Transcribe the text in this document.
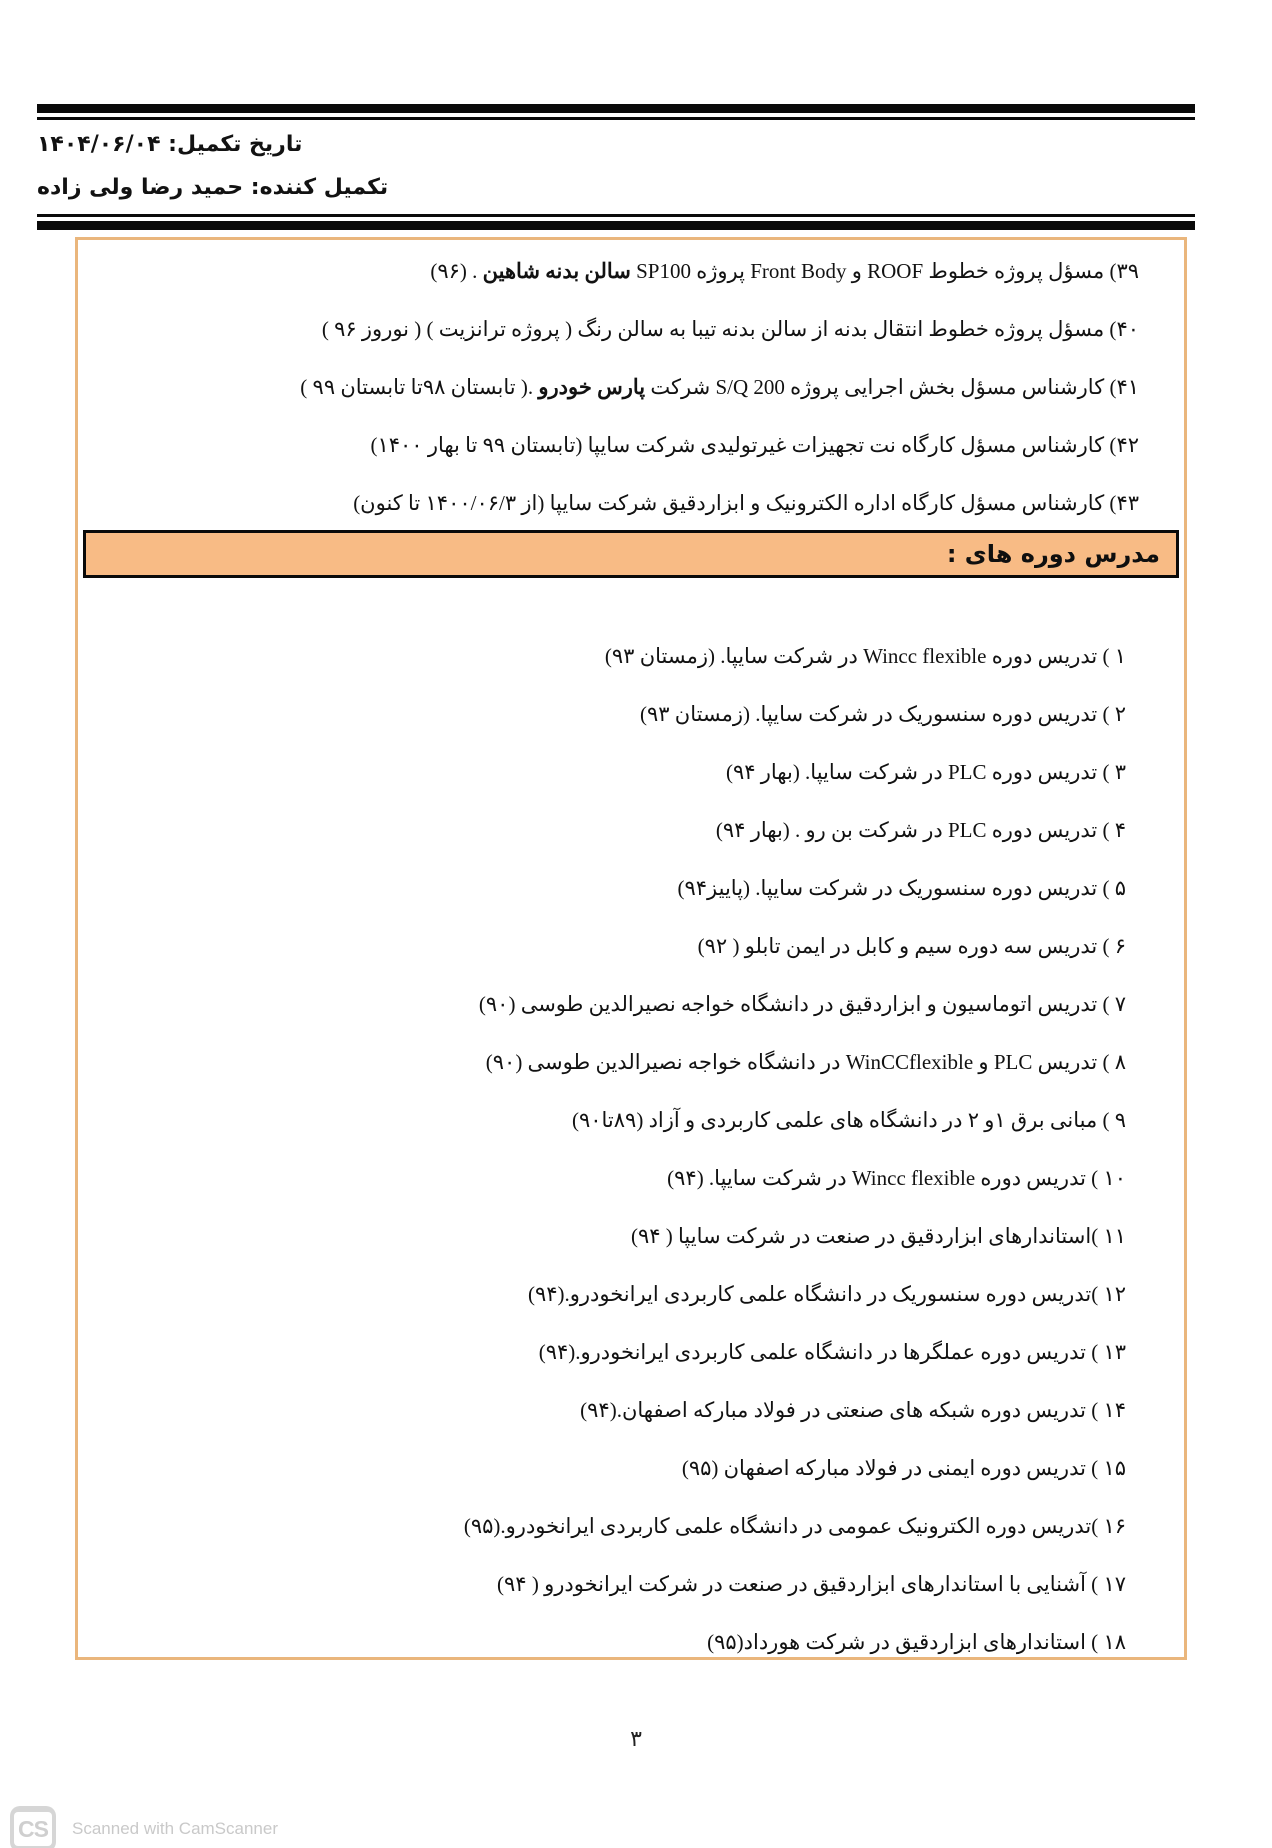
تاریخ تکمیل: ۱۴۰۴/۰۶/۰۴
تکمیل کننده: حمید رضا ولی زاده
۳۹) مسؤل پروژه خطوط ROOF و Front Body پروژه SP100 سالن بدنه شاهین . (۹۶)
۴۰) مسؤل پروژه خطوط انتقال بدنه از سالن بدنه تیبا به سالن رنگ ( پروژه ترانزیت ) ( نوروز ۹۶ )
۴۱) کارشناس مسؤل بخش اجرایی پروژه S/Q 200 شرکت پارس خودرو .( تابستان ۹۸تا تابستان ۹۹ )
۴۲) کارشناس مسؤل کارگاه نت تجهیزات غیرتولیدی شرکت سایپا (تابستان ۹۹ تا بهار ۱۴۰۰)
۴۳) کارشناس مسؤل کارگاه اداره الکترونیک و ابزاردقیق شرکت سایپا (از ۱۴۰۰/۰۶/۳ تا کنون)
مدرس دوره های :
۱ ) تدریس دوره Wincc flexible در شرکت سایپا. (زمستان ۹۳)
۲ ) تدریس دوره سنسوریک در شرکت سایپا. (زمستان ۹۳)
۳ ) تدریس دوره PLC در شرکت سایپا. (بهار ۹۴)
۴ ) تدریس دوره PLC در شرکت بن رو . (بهار ۹۴)
۵ ) تدریس دوره سنسوریک در شرکت سایپا. (پاییز۹۴)
۶ ) تدریس سه دوره سیم و کابل در ایمن تابلو ( ۹۲)
۷ ) تدریس اتوماسیون و ابزاردقیق در دانشگاه خواجه نصیرالدین طوسی (۹۰)
۸ ) تدریس PLC و WinCCflexible در دانشگاه خواجه نصیرالدین طوسی (۹۰)
۹ ) مبانی برق ۱و ۲ در دانشگاه های علمی کاربردی و آزاد (۸۹تا۹۰)
۱۰ ) تدریس دوره Wincc flexible در شرکت سایپا. (۹۴)
۱۱ )استاندارهای ابزاردقیق در صنعت در شرکت سایپا ( ۹۴)
۱۲ )تدریس دوره سنسوریک در دانشگاه علمی کاربردی ایرانخودرو.(۹۴)
۱۳ ) تدریس دوره عملگرها در دانشگاه علمی کاربردی ایرانخودرو.(۹۴)
۱۴ ) تدریس دوره شبکه های صنعتی در فولاد مبارکه اصفهان.(۹۴)
۱۵ ) تدریس دوره ایمنی در فولاد مبارکه اصفهان (۹۵)
۱۶ )تدریس دوره الکترونیک عمومی در دانشگاه علمی کاربردی ایرانخودرو.(۹۵)
۱۷ ) آشنایی با استاندارهای ابزاردقیق در صنعت در شرکت ایرانخودرو ( ۹۴)
۱۸ ) استاندارهای ابزاردقیق در شرکت هورداد(۹۵)
۳
CS Scanned with CamScanner
